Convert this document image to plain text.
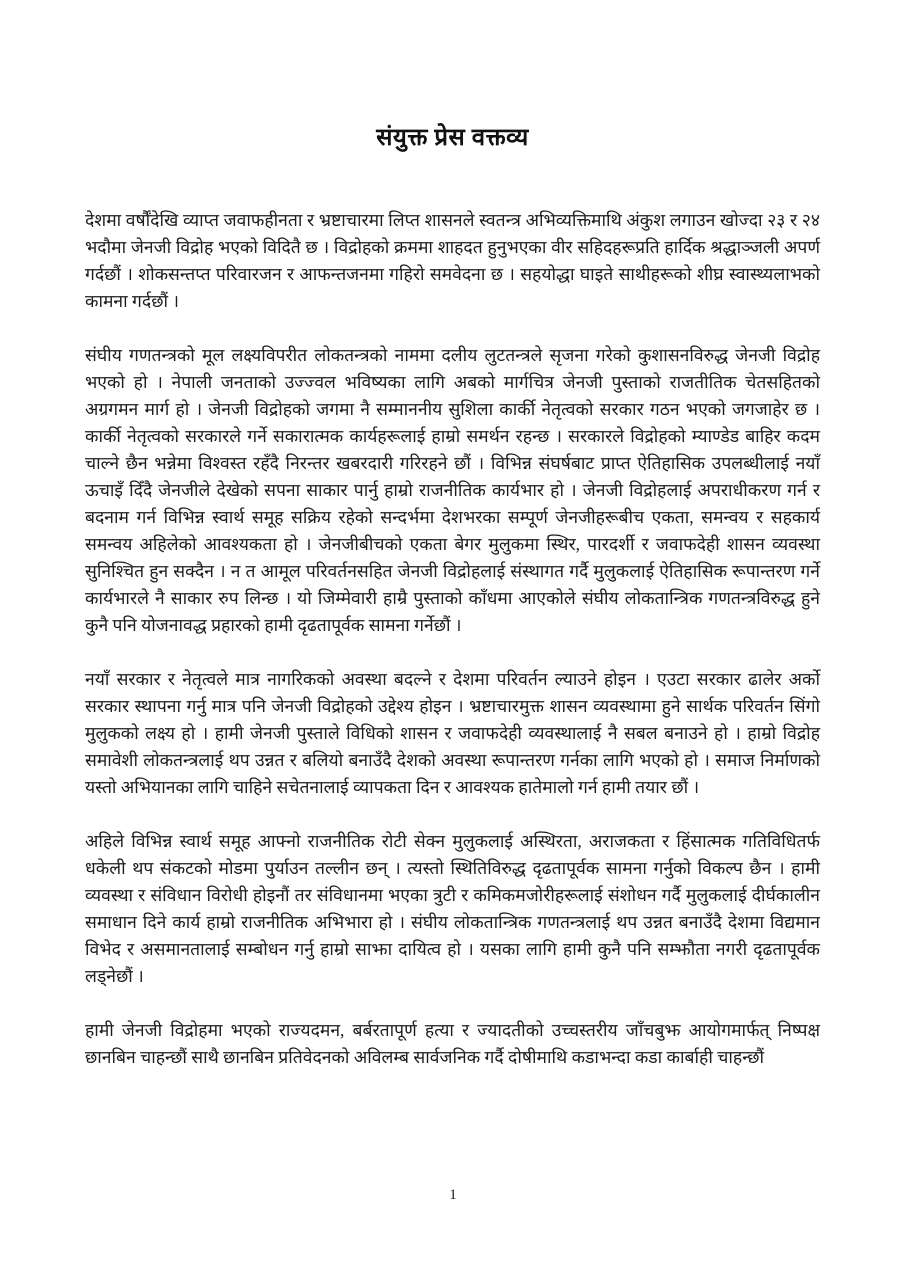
संयुक्त प्रेस वक्तव्य

देशमा वर्षौंदेखि व्याप्त जवाफहीनता र भ्रष्टाचारमा लिप्त शासनले स्वतन्त्र अभिव्यक्तिमाथि अंकुश लगाउन खोज्दा २३ र २४ भदौमा जेनजी विद्रोह भएको विदितै छ । विद्रोहको क्रममा शाहदत हुनुभएका वीर सहिदहरूप्रति हार्दिक श्रद्धाञ्जली अपर्ण गर्दछौं । शोकसन्तप्त परिवारजन र आफन्तजनमा गहिरो समवेदना छ । सहयोद्धा घाइते साथीहरूको शीघ्र स्वास्थ्यलाभको कामना गर्दछौं ।

संघीय गणतन्त्रको मूल लक्ष्यविपरीत लोकतन्त्रको नाममा दलीय लुटतन्त्रले सृजना गरेको कुशासनविरुद्ध जेनजी विद्रोह भएको हो । नेपाली जनताको उज्ज्वल भविष्यका लागि अबको मार्गचित्र जेनजी पुस्ताको राजतीतिक चेतसहितको अग्रगमन मार्ग हो । जेनजी विद्रोहको जगमा नै सम्माननीय सुशिला कार्की नेतृत्वको सरकार गठन भएको जगजाहेर छ । कार्की नेतृत्वको सरकारले गर्ने सकारात्मक कार्यहरूलाई हाम्रो समर्थन रहन्छ । सरकारले विद्रोहको म्याण्डेड बाहिर कदम चाल्ने छैन भन्नेमा विश्वस्त रहँदै निरन्तर खबरदारी गरिरहने छौं । विभिन्न संघर्षबाट प्राप्त ऐतिहासिक उपलब्धीलाई नयाँ ऊचाइँ दिँदै जेनजीले देखेको सपना साकार पार्नु हाम्रो राजनीतिक कार्यभार हो । जेनजी विद्रोहलाई अपराधीकरण गर्न र बदनाम गर्न विभिन्न स्वार्थ समूह सक्रिय रहेको सन्दर्भमा देशभरका सम्पूर्ण जेनजीहरूबीच एकता, समन्वय र सहकार्य समन्वय अहिलेको आवश्यकता हो । जेनजीबीचको एकता बेगर मुलुकमा स्थिर, पारदर्शी र जवाफदेही शासन व्यवस्था सुनिश्चित हुन सक्दैन । न त आमूल परिवर्तनसहित जेनजी विद्रोहलाई संस्थागत गर्दै मुलुकलाई ऐतिहासिक रूपान्तरण गर्ने कार्यभारले नै साकार रुप लिन्छ । यो जिम्मेवारी हाम्रै पुस्ताको काँधमा आएकोले संघीय लोकतान्त्रिक गणतन्त्रविरुद्ध हुने कुनै पनि योजनावद्ध प्रहारको हामी दृढतापूर्वक सामना गर्नेछौं ।

नयाँ सरकार र नेतृत्वले मात्र नागरिकको अवस्था बदल्ने र देशमा परिवर्तन ल्याउने होइन । एउटा सरकार ढालेर अर्को सरकार स्थापना गर्नु मात्र पनि जेनजी विद्रोहको उद्देश्य होइन । भ्रष्टाचारमुक्त शासन व्यवस्थामा हुने सार्थक परिवर्तन सिंगो मुलुकको लक्ष्य हो । हामी जेनजी पुस्ताले विधिको शासन र जवाफदेही व्यवस्थालाई नै सबल बनाउने हो । हाम्रो विद्रोह समावेशी लोकतन्त्रलाई थप उन्नत र बलियो बनाउँदै देशको अवस्था रूपान्तरण गर्नका लागि भएको हो । समाज निर्माणको यस्तो अभियानका लागि चाहिने सचेतनालाई व्यापकता दिन र आवश्यक हातेमालो गर्न हामी तयार छौं ।

अहिले विभिन्न स्वार्थ समूह आफ्नो राजनीतिक रोटी सेक्न मुलुकलाई अस्थिरता, अराजकता र हिंसात्मक गतिविधितर्फ धकेली थप संकटको मोडमा पुर्याउन तल्लीन छन् । त्यस्तो स्थितिविरुद्ध दृढतापूर्वक सामना गर्नुको विकल्प छैन । हामी व्यवस्था र संविधान विरोधी होइनौं तर संविधानमा भएका त्रुटी र कमिकमजोरीहरूलाई संशोधन गर्दै मुलुकलाई दीर्घकालीन समाधान दिने कार्य हाम्रो राजनीतिक अभिभारा हो । संघीय लोकतान्त्रिक गणतन्त्रलाई थप उन्नत बनाउँदै देशमा विद्यमान विभेद र असमानतालाई सम्बोधन गर्नु हाम्रो साझा दायित्व हो । यसका लागि हामी कुनै पनि सम्झौता नगरी दृढतापूर्वक लड्नेछौं ।

हामी जेनजी विद्रोहमा भएको राज्यदमन, बर्बरतापूर्ण हत्या र ज्यादतीको उच्चस्तरीय जाँचबुझ आयोगमार्फत् निष्पक्ष छानबिन चाहन्छौं साथै छानबिन प्रतिवेदनको अविलम्ब सार्वजनिक गर्दै दोषीमाथि कडाभन्दा कडा कार्बाही चाहन्छौं

1
